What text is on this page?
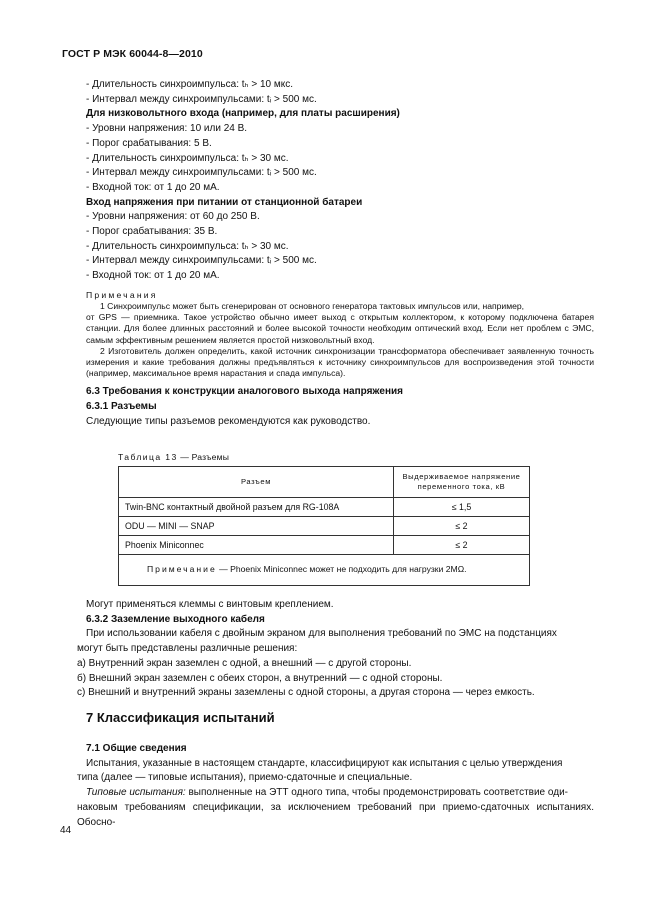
ГОСТ Р МЭК 60044-8—2010
- Длительность синхроимпульса: tₕ > 10 мкс.
- Интервал между синхроимпульсами: tᵢ > 500 мс.
Для низковольтного входа (например, для платы расширения)
- Уровни напряжения: 10 или 24 В.
- Порог срабатывания: 5 В.
- Длительность синхроимпульса: tₕ > 30 мс.
- Интервал между синхроимпульсами: tᵢ > 500 мс.
- Входной ток: от 1 до 20 мА.
Вход напряжения при питании от станционной батареи
- Уровни напряжения: от 60 до 250 В.
- Порог срабатывания: 35 В.
- Длительность синхроимпульса: tₕ > 30 мс.
- Интервал между синхроимпульсами: tᵢ > 500 мс.
- Входной ток: от 1 до 20 мА.

Примечания

1 Синхроимпульс может быть сгенерирован от основного генератора тактовых импульсов или, например,

от GPS — приемника. Такое устройство обычно имеет выход с открытым коллектором, к которому подключена батарея станции. Для более длинных расстояний и более высокой точности необходим оптический вход. Если нет проблем с ЭМС, самым эффективным решением является простой низковольтный вход.

2 Изготовитель должен определить, какой источник синхронизации трансформатора обеспечивает заявленную точность измерения и какие требования должны предъявляться к источнику синхроимпульсов для воспроизведения этой точности (например, максимальное время нарастания и спада импульса).

6.3 Требования к конструкции аналогового выхода напряжения
6.3.1 Разъемы
Следующие типы разъемов рекомендуются как руководство.
Таблица 13 — Разъемы
Разъем	Выдерживаемое напряжение
переменного тока, кВ
Twin-BNC контактный двойной разъем для RG-108A	≤ 1,5
ODU — MINI — SNAP	≤ 2
Phoenix Miniconnec	≤ 2
Примечание — Phoenix Miniconnec может не подходить для нагрузки 2МΩ.	

Могут применяться клеммы с винтовым креплением.

6.3.2 Заземление выходного кабеля

При использовании кабеля с двойным экраном для выполнения требований по ЭМС на подстанциях

могут быть представлены различные решения:

а) Внутренний экран заземлен с одной, а внешний — с другой стороны.

б) Внешний экран заземлен с обеих сторон, а внутренний — с одной стороны.

с) Внешний и внутренний экраны заземлены с одной стороны, а другая сторона — через емкость.

7 Классификация испытаний

7.1 Общие сведения

Испытания, указанные в настоящем стандарте, классифицируют как испытания с целью утверждения

типа (далее — типовые испытания), приемо-сдаточные и специальные.

Типовые испытания: выполненные на ЭТТ одного типа, чтобы продемонстрировать соответствие оди-

наковым требованиям спецификации, за исключением требований при приемо-сдаточных испытаниях. Обосно-

44
